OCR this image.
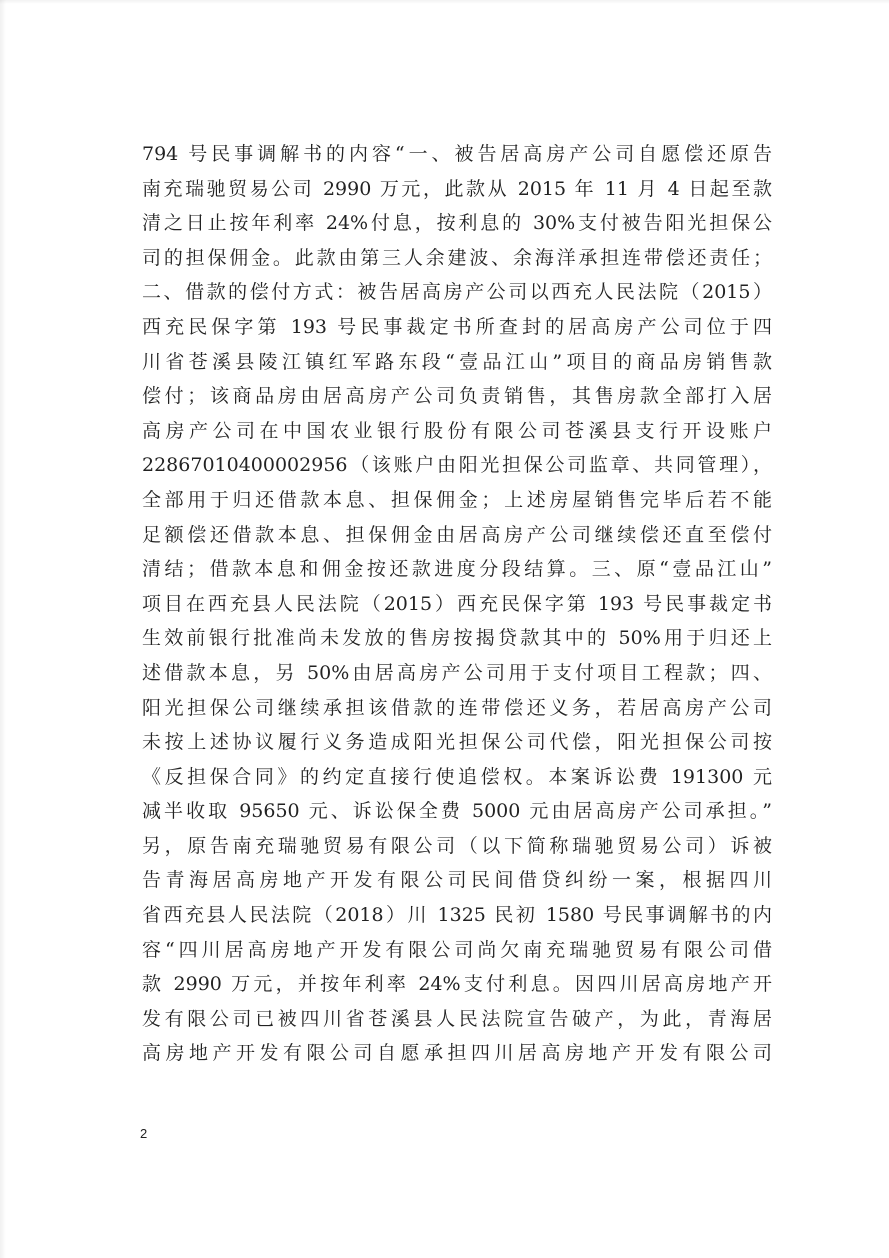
794 号民事调解书的内容“一、被告居高房产公司自愿偿还原告
南充瑞驰贸易公司 2990 万元，此款从 2015 年 11 月 4 日起至款
清之日止按年利率 24%付息，按利息的 30%支付被告阳光担保公
司的担保佣金。此款由第三人余建波、余海洋承担连带偿还责任；
二、借款的偿付方式：被告居高房产公司以西充人民法院（2015）
西充民保字第 193 号民事裁定书所查封的居高房产公司位于四
川省苍溪县陵江镇红军路东段“壹品江山”项目的商品房销售款
偿付；该商品房由居高房产公司负责销售，其售房款全部打入居
高房产公司在中国农业银行股份有限公司苍溪县支行开设账户
22867010400002956（该账户由阳光担保公司监章、共同管理），
全部用于归还借款本息、担保佣金；上述房屋销售完毕后若不能
足额偿还借款本息、担保佣金由居高房产公司继续偿还直至偿付
清结；借款本息和佣金按还款进度分段结算。三、原“壹品江山”
项目在西充县人民法院（2015）西充民保字第 193 号民事裁定书
生效前银行批准尚未发放的售房按揭贷款其中的 50%用于归还上
述借款本息，另 50%由居高房产公司用于支付项目工程款；四、
阳光担保公司继续承担该借款的连带偿还义务，若居高房产公司
未按上述协议履行义务造成阳光担保公司代偿，阳光担保公司按
《反担保合同》的约定直接行使追偿权。本案诉讼费 191300 元
减半收取 95650 元、诉讼保全费 5000 元由居高房产公司承担。”
另，原告南充瑞驰贸易有限公司（以下简称瑞驰贸易公司）诉被
告青海居高房地产开发有限公司民间借贷纠纷一案，根据四川
省西充县人民法院（2018）川 1325 民初 1580 号民事调解书的内
容“四川居高房地产开发有限公司尚欠南充瑞驰贸易有限公司借
款 2990 万元，并按年利率 24%支付利息。因四川居高房地产开
发有限公司已被四川省苍溪县人民法院宣告破产，为此，青海居
高房地产开发有限公司自愿承担四川居高房地产开发有限公司
2
